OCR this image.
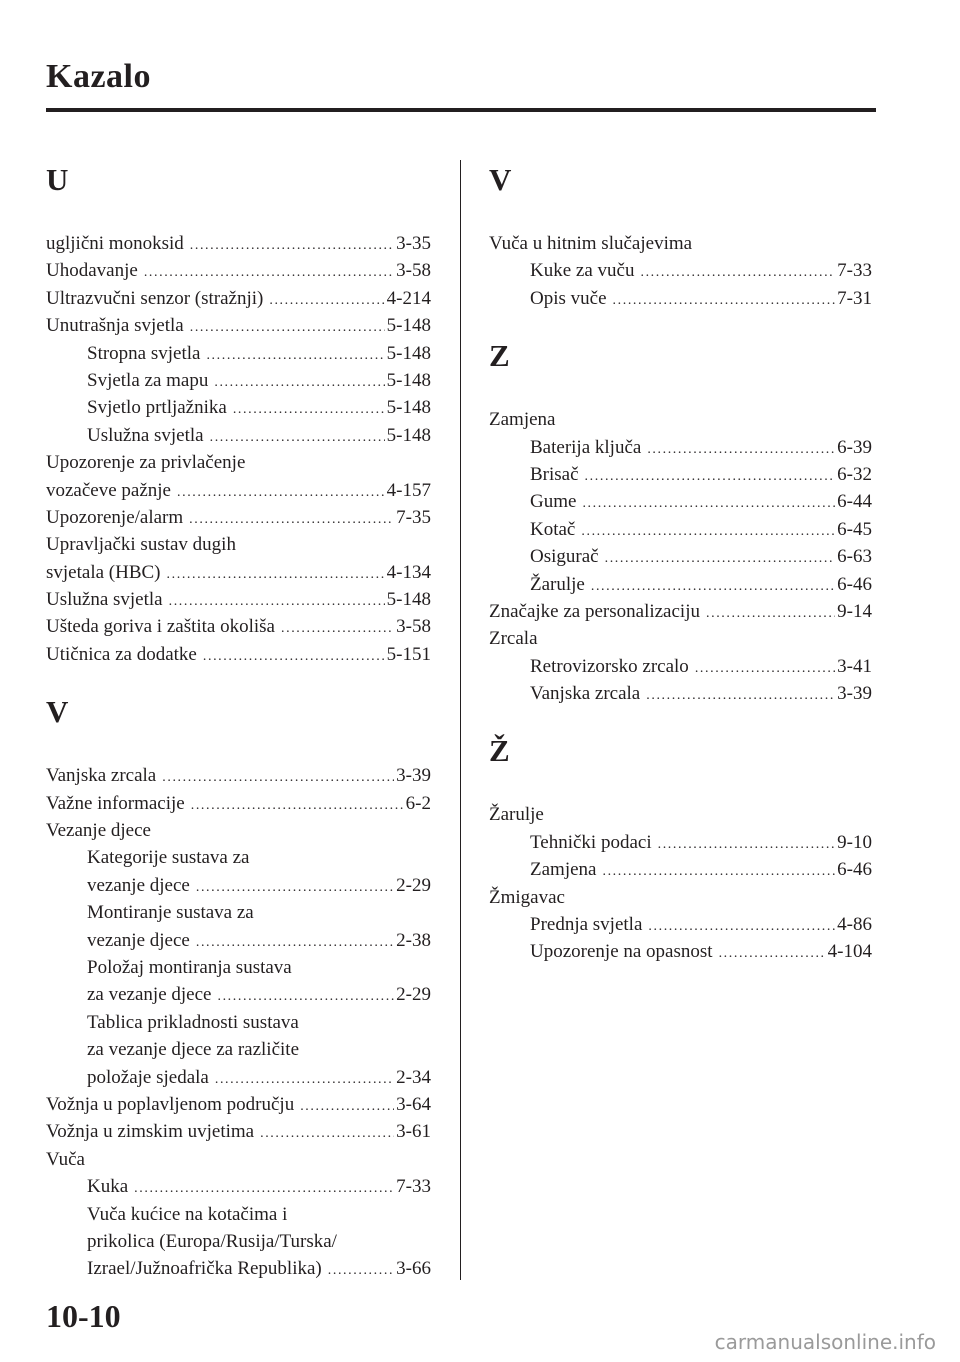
Kazalo
U
ugljični monoksid .....	3-35
Uhodavanje .....	3-58
Ultrazvučni senzor (stražnji) .....	4-214
Unutrašnja svjetla .....	5-148
Stropna svjetla .....	5-148
Svjetla za mapu .....	5-148
Svjetlo prtljažnika .....	5-148
Uslužna svjetla .....	5-148
Upozorenje za privlačenje
vozačeve pažnje .....	4-157
Upozorenje/alarm .....	7-35
Upravljački sustav dugih
svjetala (HBC) .....	4-134
Uslužna svjetla .....	5-148
Ušteda goriva i zaštita okoliša .....	3-58
Utičnica za dodatke .....	5-151
V
Vanjska zrcala .....	3-39
Važne informacije .....	6-2
Vezanje djece
Kategorije sustava za
vezanje djece .....	2-29
Montiranje sustava za
vezanje djece .....	2-38
Položaj montiranja sustava
za vezanje djece .....	2-29
Tablica prikladnosti sustava
za vezanje djece za različite
položaje sjedala .....	2-34
Vožnja u poplavljenom području .....	3-64
Vožnja u zimskim uvjetima .....	3-61
Vuča
Kuka .....	7-33
Vuča kućice na kotačima i
prikolica (Europa/Rusija/Turska/
Izrael/Južnoafrička Republika) .....	3-66
V
Vuča u hitnim slučajevima
Kuke za vuču .....	7-33
Opis vuče .....	7-31
Z
Zamjena
Baterija ključa .....	6-39
Brisač .....	6-32
Gume .....	6-44
Kotač .....	6-45
Osigurač .....	6-63
Žarulje .....	6-46
Značajke za personalizaciju .....	9-14
Zrcala
Retrovizorsko zrcalo .....	3-41
Vanjska zrcala .....	3-39
Ž
Žarulje
Tehnički podaci .....	9-10
Zamjena .....	6-46
Žmigavac
Prednja svjetla .....	4-86
Upozorenje na opasnost .....	4-104
10-10
carmanualsonline.info
